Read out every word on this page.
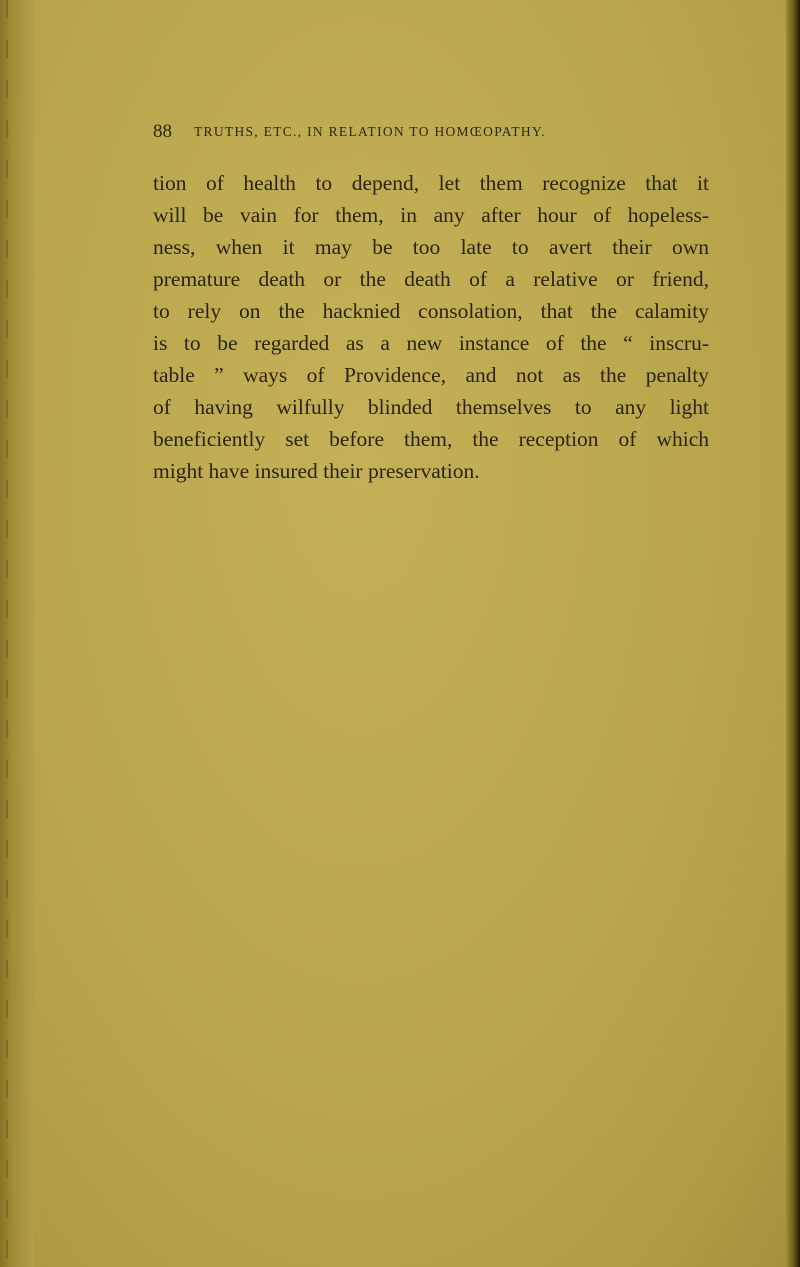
88 TRUTHS, ETC., IN RELATION TO HOMŒOPATHY.
tion of health to depend, let them recognize that it
will be vain for them, in any after hour of hopeless-
ness, when it may be too late to avert their own
premature death or the death of a relative or friend,
to rely on the hacknied consolation, that the calamity
is to be regarded as a new instance of the “ inscru-
table ” ways of Providence, and not as the penalty
of having wilfully blinded themselves to any light
beneficiently set before them, the reception of which
might have insured their preservation.
